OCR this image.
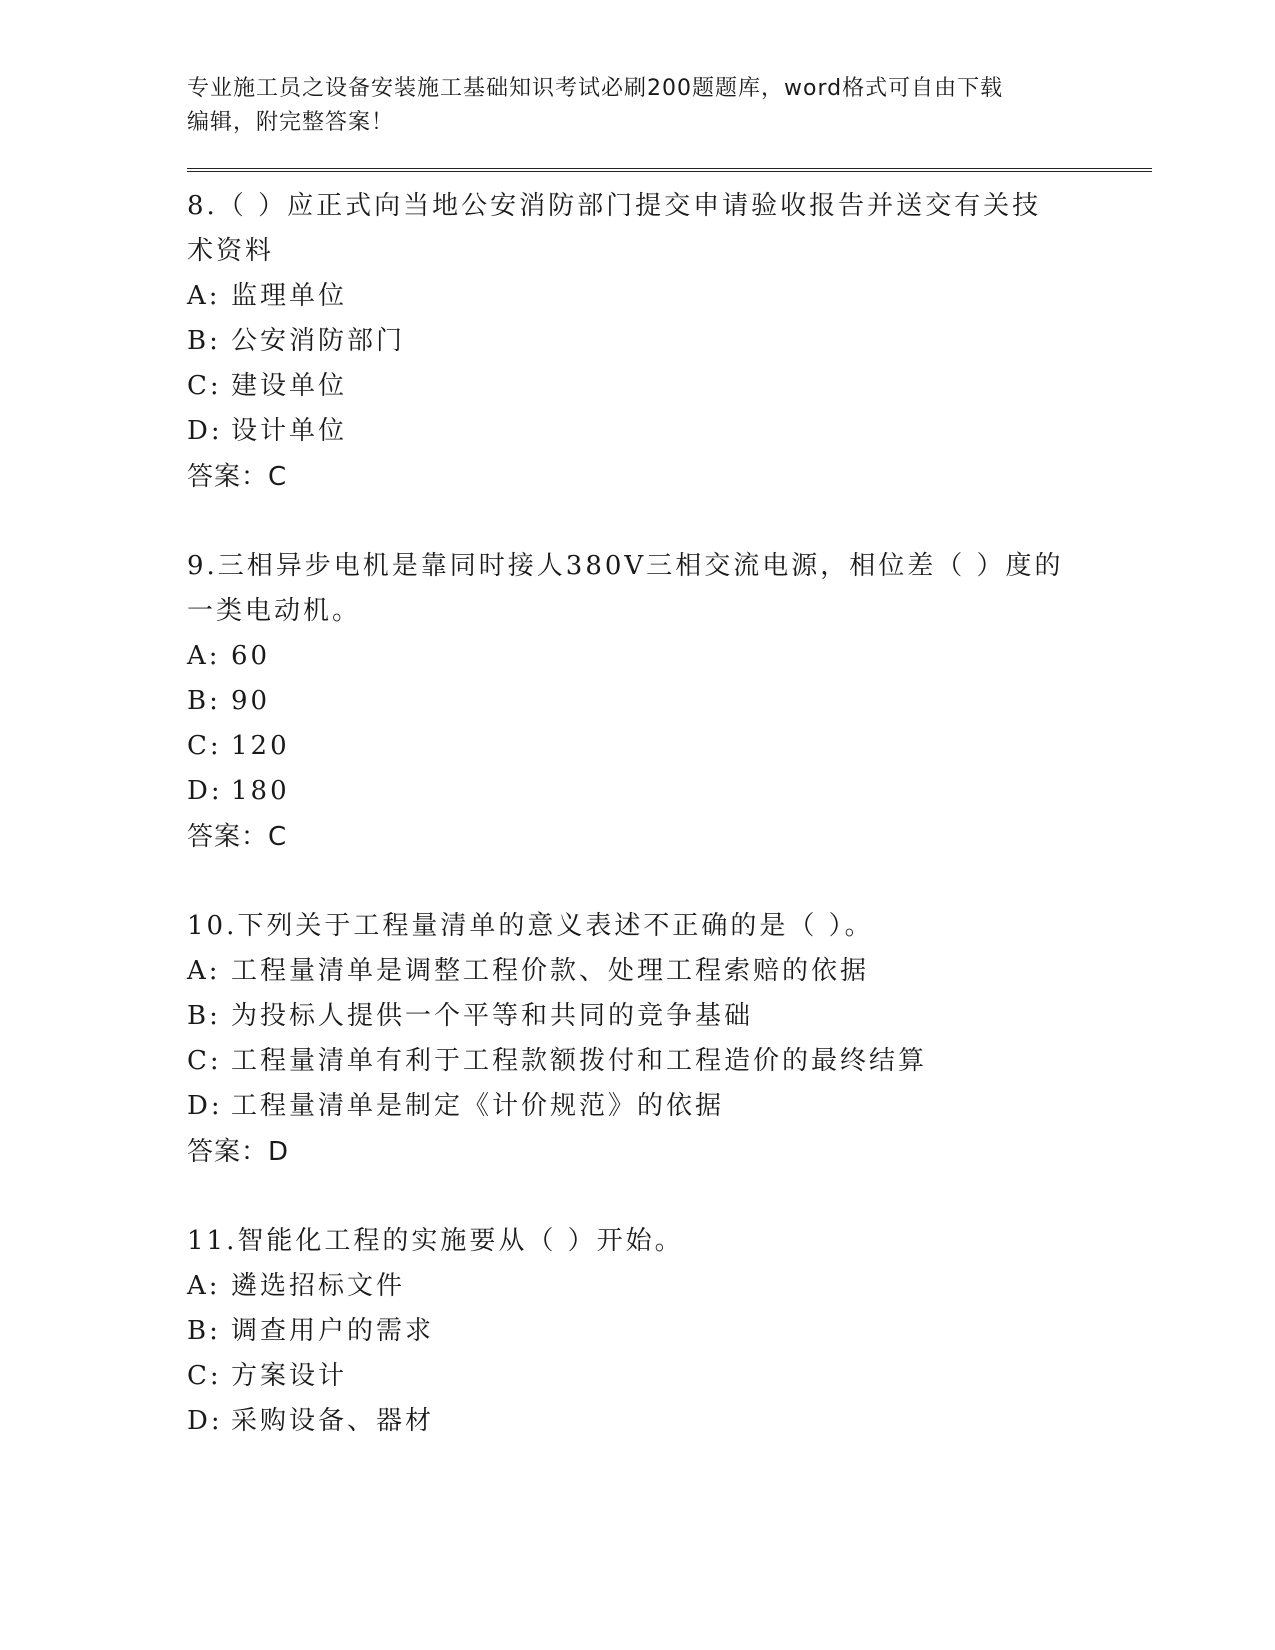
专业施工员之设备安装施工基础知识考试必刷200题题库，word格式可自由下载
编辑，附完整答案！
8.（ ）应正式向当地公安消防部门提交申请验收报告并送交有关技术资料
A: 监理单位
B: 公安消防部门
C: 建设单位
D: 设计单位
答案：C
9.三相异步电机是靠同时接人380V三相交流电源，相位差（ ）度的一类电动机。
A: 60
B: 90
C: 120
D: 180
答案：C
10.下列关于工程量清单的意义表述不正确的是（ ）。
A: 工程量清单是调整工程价款、处理工程索赔的依据
B: 为投标人提供一个平等和共同的竞争基础
C: 工程量清单有利于工程款额拨付和工程造价的最终结算
D: 工程量清单是制定《计价规范》的依据
答案：D
11.智能化工程的实施要从（ ）开始。
A: 遴选招标文件
B: 调查用户的需求
C: 方案设计
D: 采购设备、器材
